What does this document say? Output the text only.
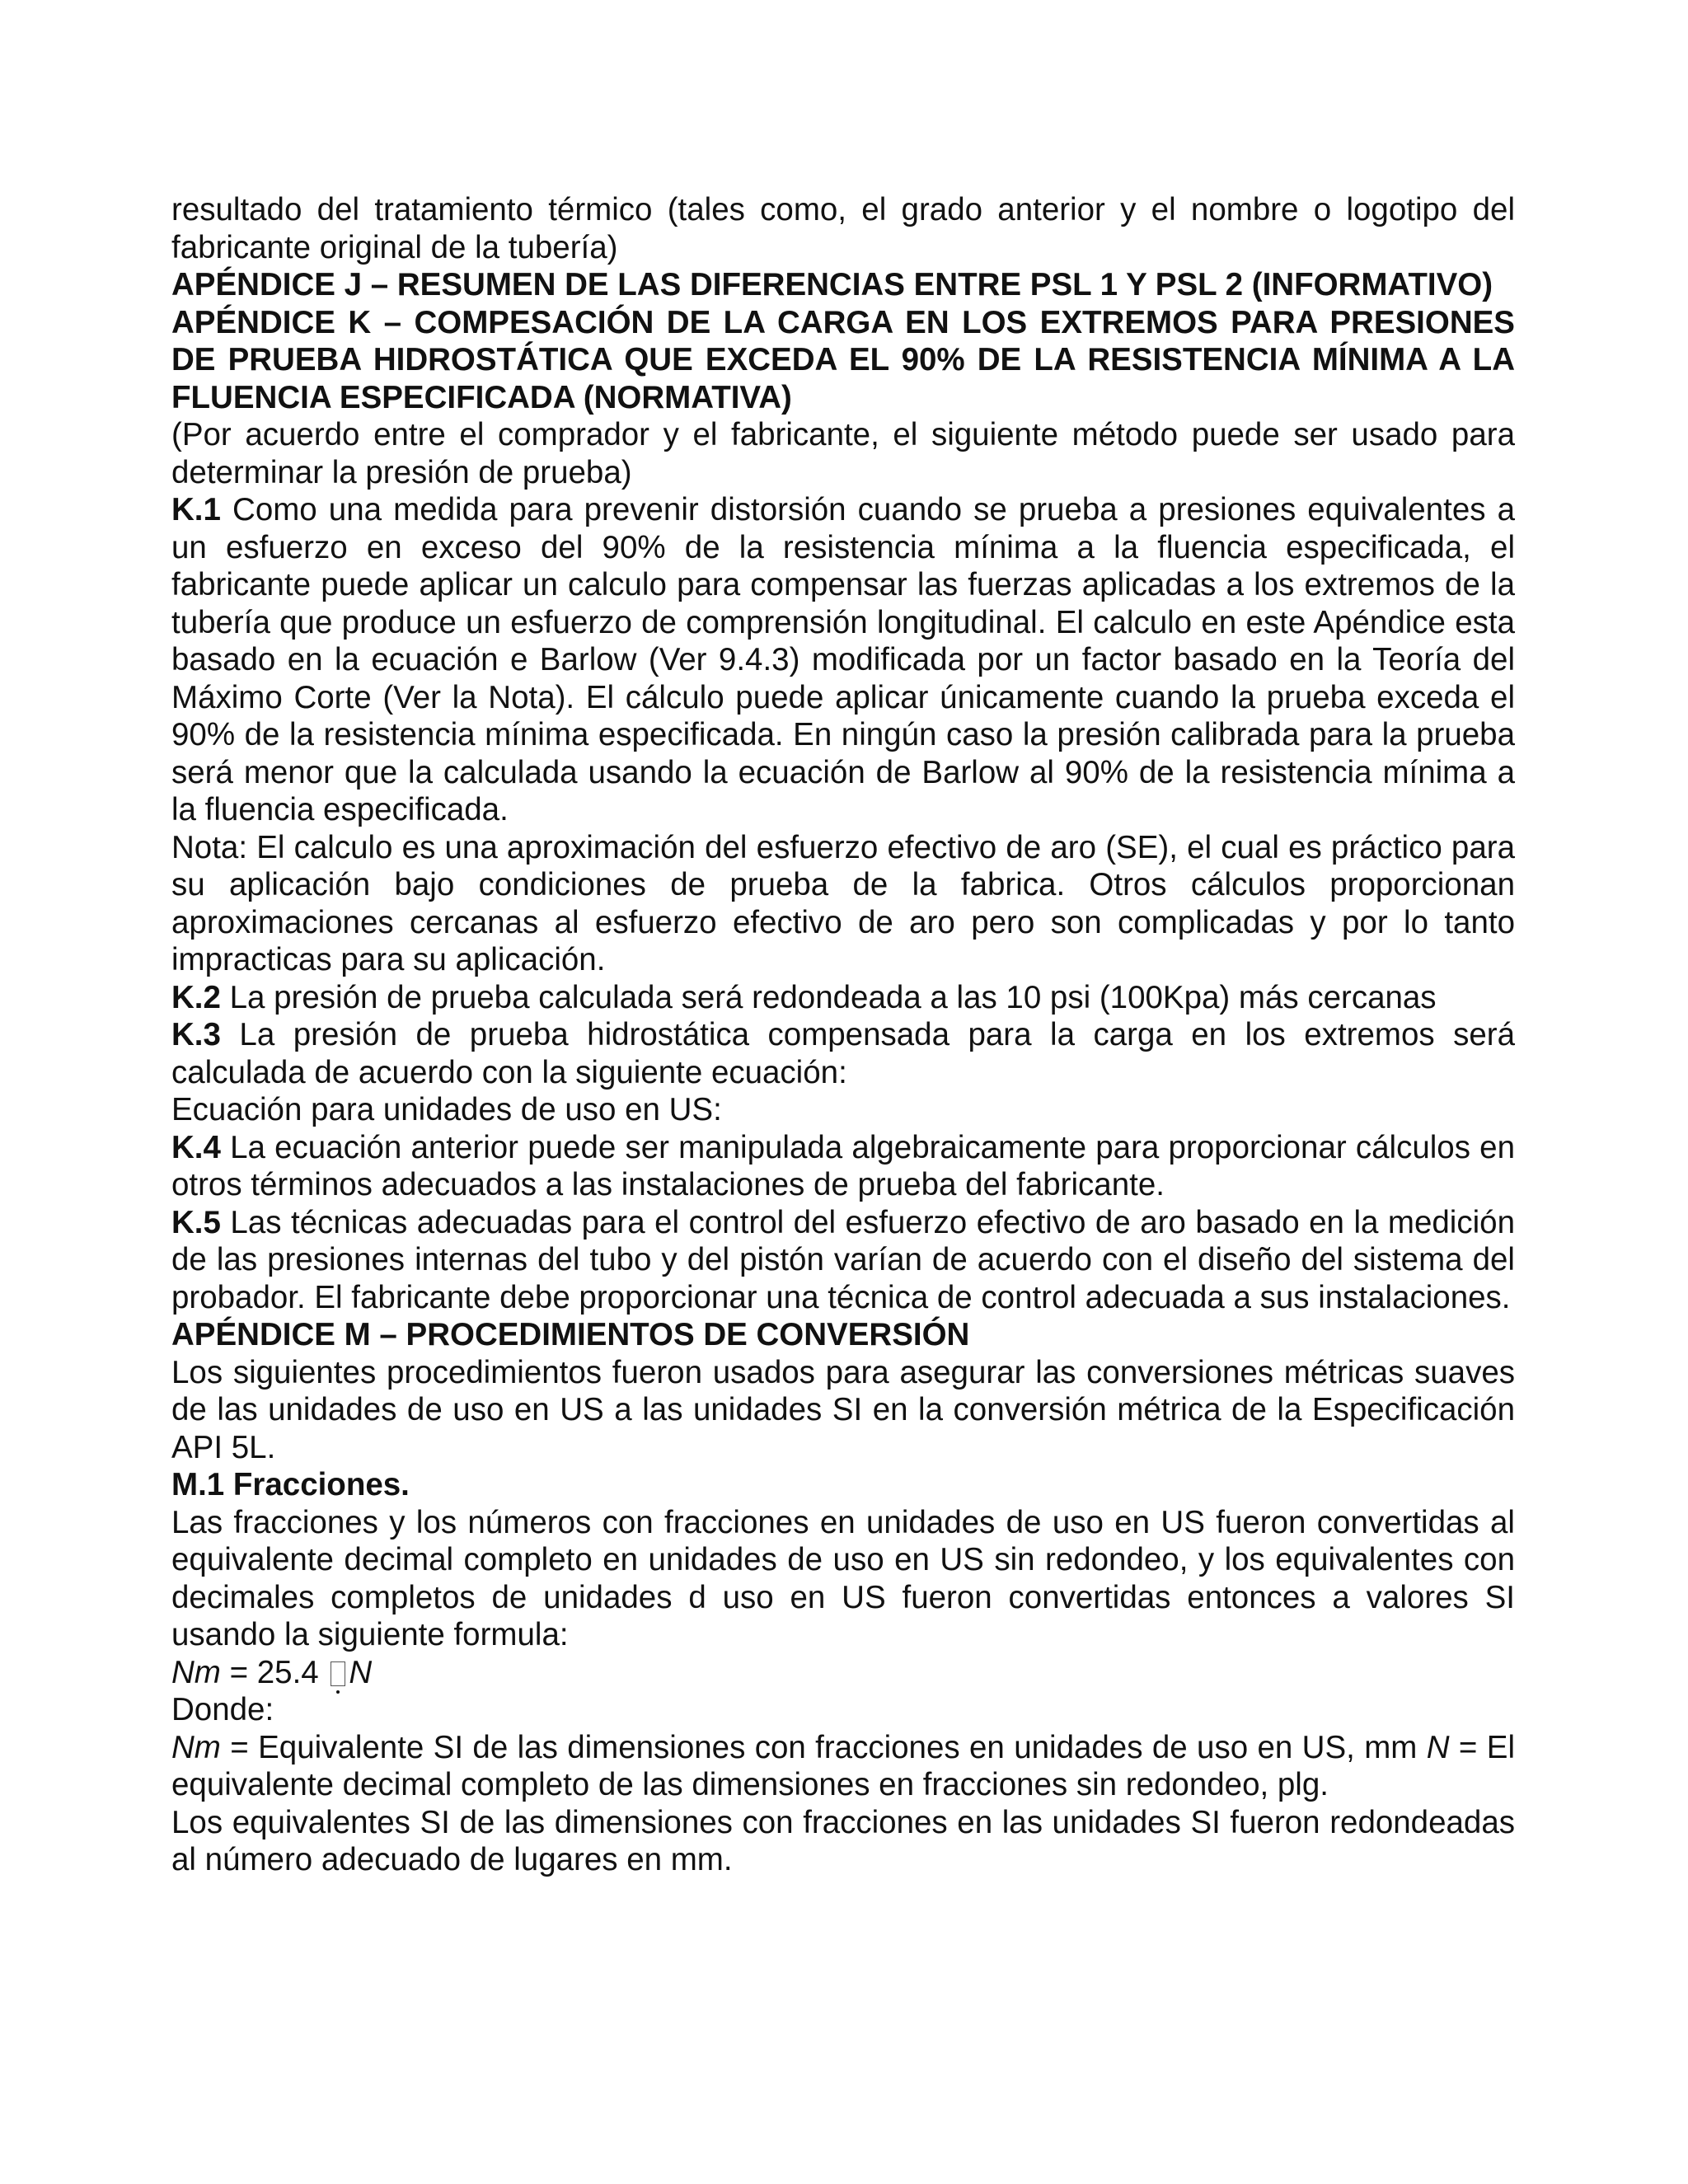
resultado del tratamiento térmico (tales como, el grado anterior y el nombre o logotipo del fabricante original de la tubería)

APÉNDICE J – RESUMEN DE LAS DIFERENCIAS ENTRE PSL 1 Y PSL 2 (INFORMATIVO)
APÉNDICE K – COMPESACIÓN DE LA CARGA EN LOS EXTREMOS PARA PRESIONES DE PRUEBA HIDROSTÁTICA QUE EXCEDA EL 90% DE LA RESISTENCIA MÍNIMA A LA FLUENCIA ESPECIFICADA (NORMATIVA)

(Por acuerdo entre el comprador y el fabricante, el siguiente método puede ser usado para determinar la presión de prueba)

K.1 Como una medida para prevenir distorsión cuando se prueba a presiones equivalentes a un esfuerzo en exceso del 90% de la resistencia mínima a la fluencia especificada, el fabricante puede aplicar un calculo para compensar las fuerzas aplicadas a los extremos de la tubería que produce un esfuerzo de comprensión longitudinal. El calculo en este Apéndice esta basado en la ecuación e Barlow (Ver 9.4.3) modificada por un factor basado en la Teoría del Máximo Corte (Ver la Nota). El cálculo puede aplicar únicamente cuando la prueba exceda el 90% de la resistencia mínima especificada. En ningún caso la presión calibrada para la prueba será menor que la calculada usando la ecuación de Barlow al 90% de la resistencia mínima a la fluencia especificada.

Nota: El calculo es una aproximación del esfuerzo efectivo de aro (SE), el cual es práctico para su aplicación bajo condiciones de prueba de la fabrica. Otros cálculos proporcionan aproximaciones cercanas al esfuerzo efectivo de aro pero son complicadas y por lo tanto impracticas para su aplicación.

K.2 La presión de prueba calculada será redondeada a las 10 psi (100Kpa) más cercanas

K.3 La presión de prueba hidrostática compensada para la carga en los extremos será calculada de acuerdo con la siguiente ecuación:

Ecuación para unidades de uso en US:

K.4 La ecuación anterior puede ser manipulada algebraicamente para proporcionar cálculos en otros términos adecuados a las instalaciones de prueba del fabricante.

K.5 Las técnicas adecuadas para el control del esfuerzo efectivo de aro basado en la medición de las presiones internas del tubo y del pistón varían de acuerdo con el diseño del sistema del probador. El fabricante debe proporcionar una técnica de control adecuada a sus instalaciones.

APÉNDICE M – PROCEDIMIENTOS DE CONVERSIÓN

Los siguientes procedimientos fueron usados para asegurar las conversiones métricas suaves de las unidades de uso en US a las unidades SI en la conversión métrica de la Especificación API 5L.

M.1 Fracciones.

Las fracciones y los números con fracciones en unidades de uso en US fueron convertidas al equivalente decimal completo en unidades de uso en US sin redondeo, y los equivalentes con decimales completos de unidades d uso en US fueron convertidas entonces a valores SI usando la siguiente formula:

Nm = 25.4 N

Donde:

Nm = Equivalente SI de las dimensiones con fracciones en unidades de uso en US, mm N = El equivalente decimal completo de las dimensiones en fracciones sin redondeo, plg.

Los equivalentes SI de las dimensiones con fracciones en las unidades SI fueron redondeadas al número adecuado de lugares en mm.
